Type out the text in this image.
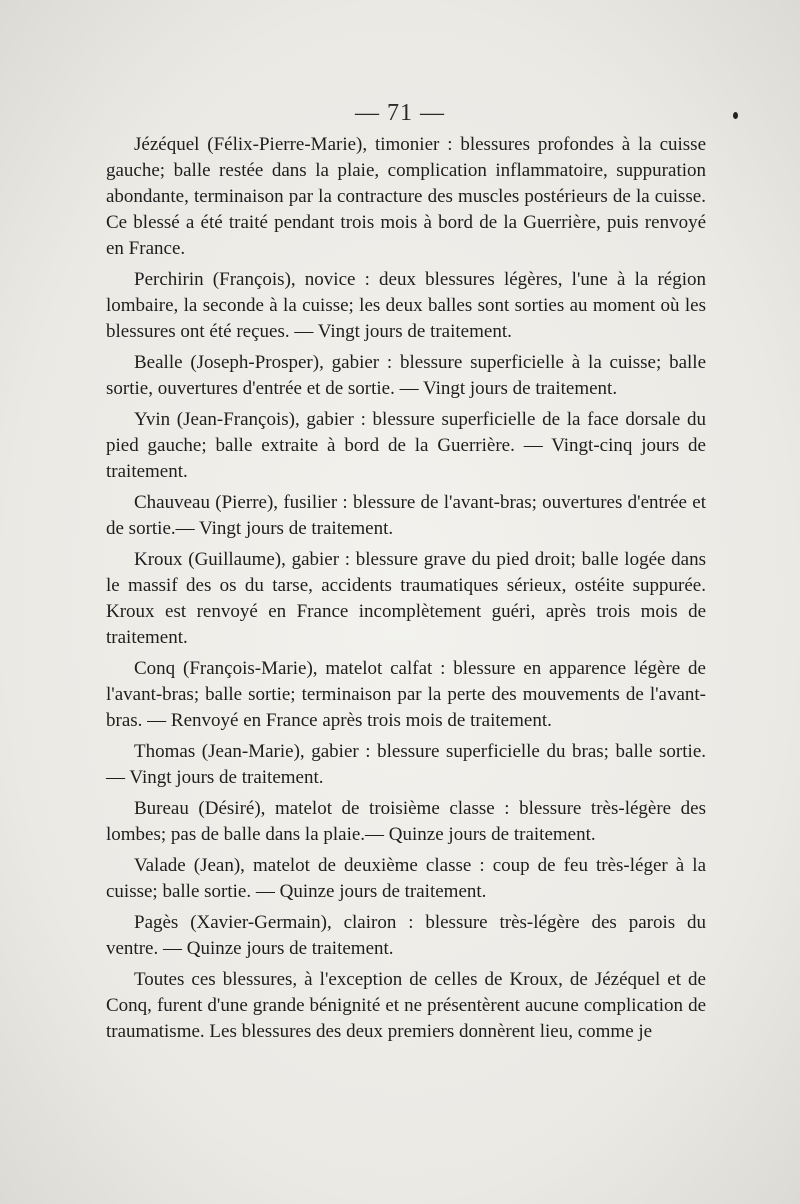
— 71 —

Jézéquel (Félix-Pierre-Marie), timonier : blessures profondes à la cuisse gauche; balle restée dans la plaie, complication inflammatoire, suppuration abondante, terminaison par la contracture des muscles postérieurs de la cuisse. Ce blessé a été traité pendant trois mois à bord de la Guerrière, puis renvoyé en France.

Perchirin (François), novice : deux blessures légères, l'une à la région lombaire, la seconde à la cuisse; les deux balles sont sorties au moment où les blessures ont été reçues. — Vingt jours de traitement.

Bealle (Joseph-Prosper), gabier : blessure superficielle à la cuisse; balle sortie, ouvertures d'entrée et de sortie. — Vingt jours de traitement.

Yvin (Jean-François), gabier : blessure superficielle de la face dorsale du pied gauche; balle extraite à bord de la Guerrière. — Vingt-cinq jours de traitement.

Chauveau (Pierre), fusilier : blessure de l'avant-bras; ouvertures d'entrée et de sortie.— Vingt jours de traitement.

Kroux (Guillaume), gabier : blessure grave du pied droit; balle logée dans le massif des os du tarse, accidents traumatiques sérieux, ostéite suppurée. Kroux est renvoyé en France incomplètement guéri, après trois mois de traitement.

Conq (François-Marie), matelot calfat : blessure en apparence légère de l'avant-bras; balle sortie; terminaison par la perte des mouvements de l'avant-bras. — Renvoyé en France après trois mois de traitement.

Thomas (Jean-Marie), gabier : blessure superficielle du bras; balle sortie. — Vingt jours de traitement.

Bureau (Désiré), matelot de troisième classe : blessure très-légère des lombes; pas de balle dans la plaie.— Quinze jours de traitement.

Valade (Jean), matelot de deuxième classe : coup de feu très-léger à la cuisse; balle sortie. — Quinze jours de traitement.

Pagès (Xavier-Germain), clairon : blessure très-légère des parois du ventre. — Quinze jours de traitement.

Toutes ces blessures, à l'exception de celles de Kroux, de Jézéquel et de Conq, furent d'une grande bénignité et ne présentèrent aucune complication de traumatisme. Les blessures des deux premiers donnèrent lieu, comme je
